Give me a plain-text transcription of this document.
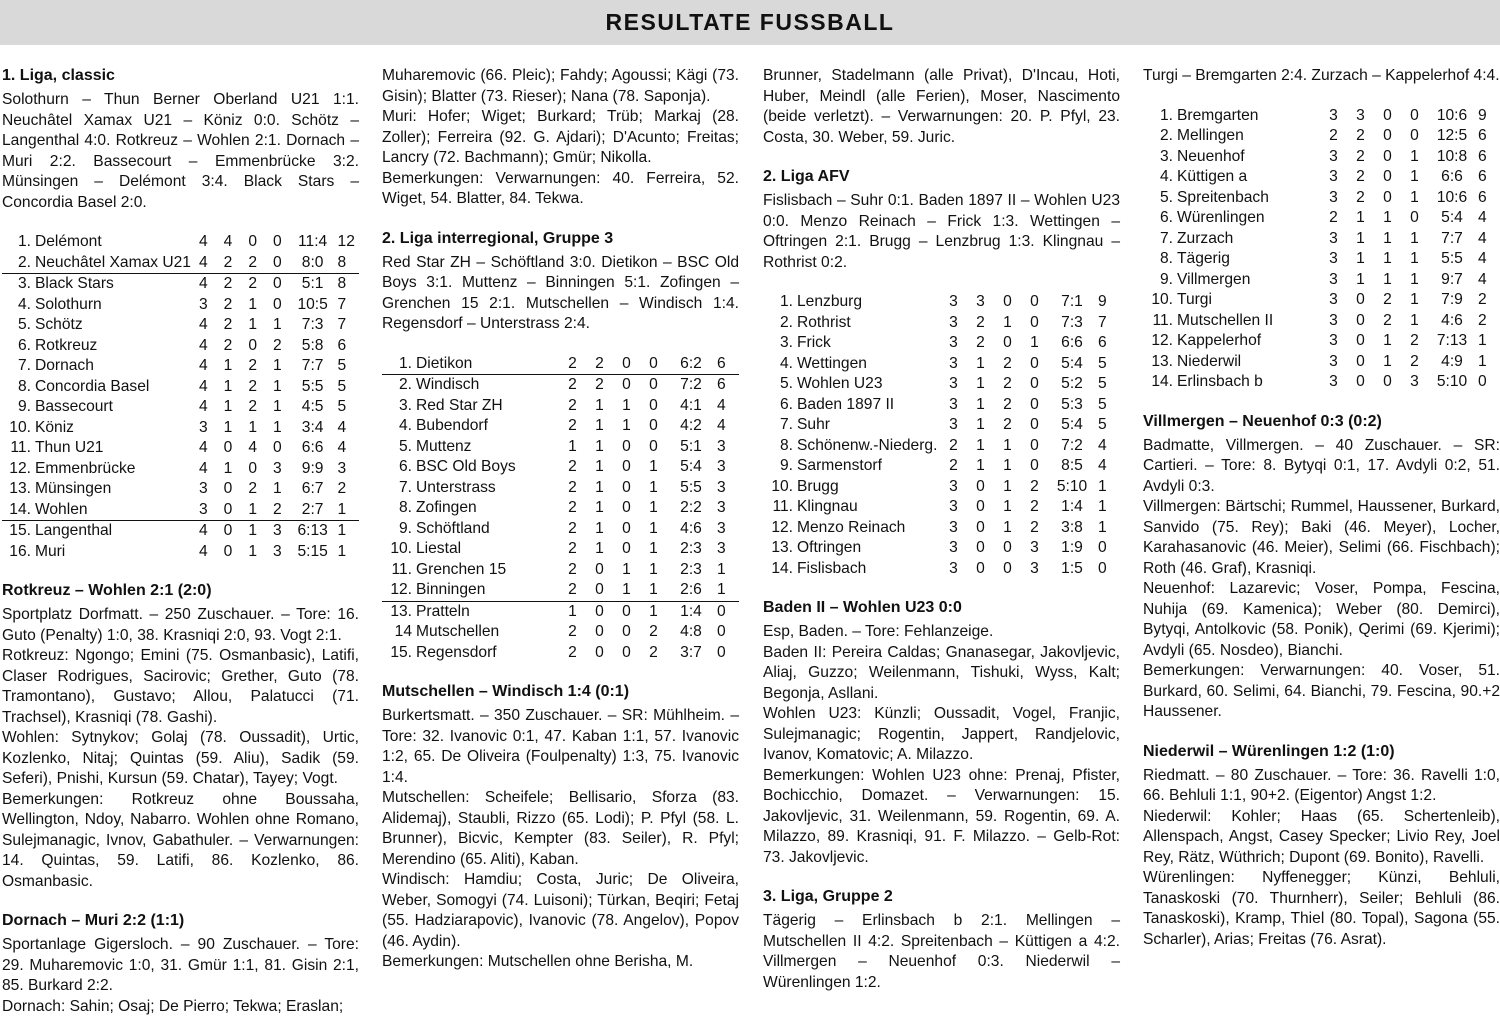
RESULTATE FUSSBALL
1. Liga, classic

Solothurn – Thun Berner Oberland U21 1:1. Neuchâtel Xamax U21 – Köniz 0:0. Schötz – Langenthal 4:0. Rotkreuz – Wohlen 2:1. Dornach – Muri 2:2. Bassecourt – Emmenbrücke 3:2. Münsingen – Delémont 3:4. Black Stars – Concordia Basel 2:0.

1.	Delémont	4	4	0	0	11:4	12
2.	Neuchâtel Xamax U21	4	2	2	0	8:0	8
3.	Black Stars	4	2	2	0	5:1	8
4.	Solothurn	3	2	1	0	10:5	7
5.	Schötz	4	2	1	1	7:3	7
6.	Rotkreuz	4	2	0	2	5:8	6
7.	Dornach	4	1	2	1	7:7	5
8.	Concordia Basel	4	1	2	1	5:5	5
9.	Bassecourt	4	1	2	1	4:5	5
10.	Köniz	3	1	1	1	3:4	4
11.	Thun U21	4	0	4	0	6:6	4
12.	Emmenbrücke	4	1	0	3	9:9	3
13.	Münsingen	3	0	2	1	6:7	2
14.	Wohlen	3	0	1	2	2:7	1
15.	Langenthal	4	0	1	3	6:13	1
16.	Muri	4	0	1	3	5:15	1
Rotkreuz – Wohlen 2:1 (2:0)

Sportplatz Dorfmatt. – 250 Zuschauer. – Tore: 16. Guto (Penalty) 1:0, 38. Krasniqi 2:0, 93. Vogt 2:1.

Rotkreuz: Ngongo; Emini (75. Osmanbasic), Latifi, Claser Rodrigues, Sacirovic; Grether, Guto (78. Tramontano), Gustavo; Allou, Palatucci (71. Trachsel), Krasniqi (78. Gashi).

Wohlen: Sytnykov; Golaj (78. Oussadit), Urtic, Kozlenko, Nitaj; Quintas (59. Aliu), Sadik (59. Seferi), Pnishi, Kursun (59. Chatar), Tayey; Vogt.

Bemerkungen: Rotkreuz ohne Boussaha, Wellington, Ndoy, Nabarro. Wohlen ohne Romano, Sulejmanagic, Ivnov, Gabathuler. – Verwarnungen: 14. Quintas, 59. Latifi, 86. Kozlenko, 86. Osmanbasic.

Dornach – Muri 2:2 (1:1)

Sportanlage Gigersloch. – 90 Zuschauer. – Tore: 29. Muharemovic 1:0, 31. Gmür 1:1, 81. Gisin 2:1, 85. Burkard 2:2.

Dornach: Sahin; Osaj; De Pierro; Tekwa; Eraslan;

Muharemovic (66. Pleic); Fahdy; Agoussi; Kägi (73. Gisin); Blatter (73. Rieser); Nana (78. Saponja).

Muri: Hofer; Wiget; Burkard; Trüb; Markaj (28. Zoller); Ferreira (92. G. Ajdari); D'Acunto; Freitas; Lancry (72. Bachmann); Gmür; Nikolla.

Bemerkungen: Verwarnungen: 40. Ferreira, 52. Wiget, 54. Blatter, 84. Tekwa.

2. Liga interregional, Gruppe 3

Red Star ZH – Schöftland 3:0. Dietikon – BSC Old Boys 3:1. Muttenz – Binningen 5:1. Zofingen – Grenchen 15 2:1. Mutschellen – Windisch 1:4. Regensdorf – Unterstrass 2:4.

1.	Dietikon	2	2	0	0	6:2	6
2.	Windisch	2	2	0	0	7:2	6
3.	Red Star ZH	2	1	1	0	4:1	4
4.	Bubendorf	2	1	1	0	4:2	4
5.	Muttenz	1	1	0	0	5:1	3
6.	BSC Old Boys	2	1	0	1	5:4	3
7.	Unterstrass	2	1	0	1	5:5	3
8.	Zofingen	2	1	0	1	2:2	3
9.	Schöftland	2	1	0	1	4:6	3
10.	Liestal	2	1	0	1	2:3	3
11.	Grenchen 15	2	0	1	1	2:3	1
12.	Binningen	2	0	1	1	2:6	1
13.	Pratteln	1	0	0	1	1:4	0
14	Mutschellen	2	0	0	2	4:8	0
15.	Regensdorf	2	0	0	2	3:7	0
Mutschellen – Windisch 1:4 (0:1)

Burkertsmatt. – 350 Zuschauer. – SR: Mühlheim. – Tore: 32. Ivanovic 0:1, 47. Kaban 1:1, 57. Ivanovic 1:2, 65. De Oliveira (Foulpenalty) 1:3, 75. Ivanovic 1:4.

Mutschellen: Scheifele; Bellisario, Sforza (83. Alidemaj), Staubli, Rizzo (65. Lodi); P. Pfyl (58. L. Brunner), Bicvic, Kempter (83. Seiler), R. Pfyl; Merendino (65. Aliti), Kaban.

Windisch: Hamdiu; Costa, Juric; De Oliveira, Weber, Somogyi (74. Luisoni); Türkan, Beqiri; Fetaj (55. Hadziarapovic), Ivanovic (78. Angelov), Popov (46. Aydin).

Bemerkungen: Mutschellen ohne Berisha, M.

Brunner, Stadelmann (alle Privat), D'Incau, Hoti, Huber, Meindl (alle Ferien), Moser, Nascimento (beide verletzt). – Verwarnungen: 20. P. Pfyl, 23. Costa, 30. Weber, 59. Juric.

2. Liga AFV

Fislisbach – Suhr 0:1. Baden 1897 II – Wohlen U23 0:0. Menzo Reinach – Frick 1:3. Wettingen – Oftringen 2:1. Brugg – Lenzbrug 1:3. Klingnau – Rothrist 0:2.

1.	Lenzburg	3	3	0	0	7:1	9
2.	Rothrist	3	2	1	0	7:3	7
3.	Frick	3	2	0	1	6:6	6
4.	Wettingen	3	1	2	0	5:4	5
5.	Wohlen U23	3	1	2	0	5:2	5
6.	Baden 1897 II	3	1	2	0	5:3	5
7.	Suhr	3	1	2	0	5:4	5
8.	Schönenw.-Niederg.	2	1	1	0	7:2	4
9.	Sarmenstorf	2	1	1	0	8:5	4
10.	Brugg	3	0	1	2	5:10	1
11.	Klingnau	3	0	1	2	1:4	1
12.	Menzo Reinach	3	0	1	2	3:8	1
13.	Oftringen	3	0	0	3	1:9	0
14.	Fislisbach	3	0	0	3	1:5	0
Baden II – Wohlen U23 0:0

Esp, Baden. – Tore: Fehlanzeige.

Baden II: Pereira Caldas; Gnanasegar, Jakovljevic, Aliaj, Guzzo; Weilenmann, Tishuki, Wyss, Kalt; Begonja, Asllani.

Wohlen U23: Künzli; Oussadit, Vogel, Franjic, Sulejmanagic; Rogentin, Jappert, Randjelovic, Ivanov, Komatovic; A. Milazzo.

Bemerkungen: Wohlen U23 ohne: Prenaj, Pfister, Bochicchio, Domazet. – Verwarnungen: 15. Jakovljevic, 31. Weilenmann, 59. Rogentin, 69. A. Milazzo, 89. Krasniqi, 91. F. Milazzo. – Gelb-Rot: 73. Jakovljevic.

3. Liga, Gruppe 2

Tägerig – Erlinsbach b 2:1. Mellingen – Mutschellen II 4:2. Spreitenbach – Küttigen a 4:2. Villmergen – Neuenhof 0:3. Niederwil – Würenlingen 1:2.

Turgi – Bremgarten 2:4. Zurzach – Kappelerhof 4:4.

1.	Bremgarten	3	3	0	0	10:6	9
2.	Mellingen	2	2	0	0	12:5	6
3.	Neuenhof	3	2	0	1	10:8	6
4.	Küttigen a	3	2	0	1	6:6	6
5.	Spreitenbach	3	2	0	1	10:6	6
6.	Würenlingen	2	1	1	0	5:4	4
7.	Zurzach	3	1	1	1	7:7	4
8.	Tägerig	3	1	1	1	5:5	4
9.	Villmergen	3	1	1	1	9:7	4
10.	Turgi	3	0	2	1	7:9	2
11.	Mutschellen II	3	0	2	1	4:6	2
12.	Kappelerhof	3	0	1	2	7:13	1
13.	Niederwil	3	0	1	2	4:9	1
14.	Erlinsbach b	3	0	0	3	5:10	0
Villmergen – Neuenhof 0:3 (0:2)

Badmatte, Villmergen. – 40 Zuschauer. – SR: Cartieri. – Tore: 8. Bytyqi 0:1, 17. Avdyli 0:2, 51. Avdyli 0:3.

Villmergen: Bärtschi; Rummel, Haussener, Burkard, Sanvido (75. Rey); Baki (46. Meyer), Locher, Karahasanovic (46. Meier), Selimi (66. Fischbach); Roth (46. Graf), Krasniqi.

Neuenhof: Lazarevic; Voser, Pompa, Fescina, Nuhija (69. Kamenica); Weber (80. Demirci), Bytyqi, Antolkovic (58. Ponik), Qerimi (69. Kjerimi); Avdyli (65. Nosdeo), Bianchi.

Bemerkungen: Verwarnungen: 40. Voser, 51. Burkard, 60. Selimi, 64. Bianchi, 79. Fescina, 90.+2 Haussener.

Niederwil – Würenlingen 1:2 (1:0)

Riedmatt. – 80 Zuschauer. – Tore: 36. Ravelli 1:0, 66. Behluli 1:1, 90+2. (Eigentor) Angst 1:2.

Niederwil: Kohler; Haas (65. Schertenleib), Allenspach, Angst, Casey Specker; Livio Rey, Joel Rey, Rätz, Wüthrich; Dupont (69. Bonito), Ravelli.

Würenlingen: Nyffenegger; Künzi, Behluli, Tanaskoski (70. Thurnherr), Seiler; Behluli (86. Tanaskoski), Kramp, Thiel (80. Topal), Sagona (55. Scharler), Arias; Freitas (76. Asrat).
